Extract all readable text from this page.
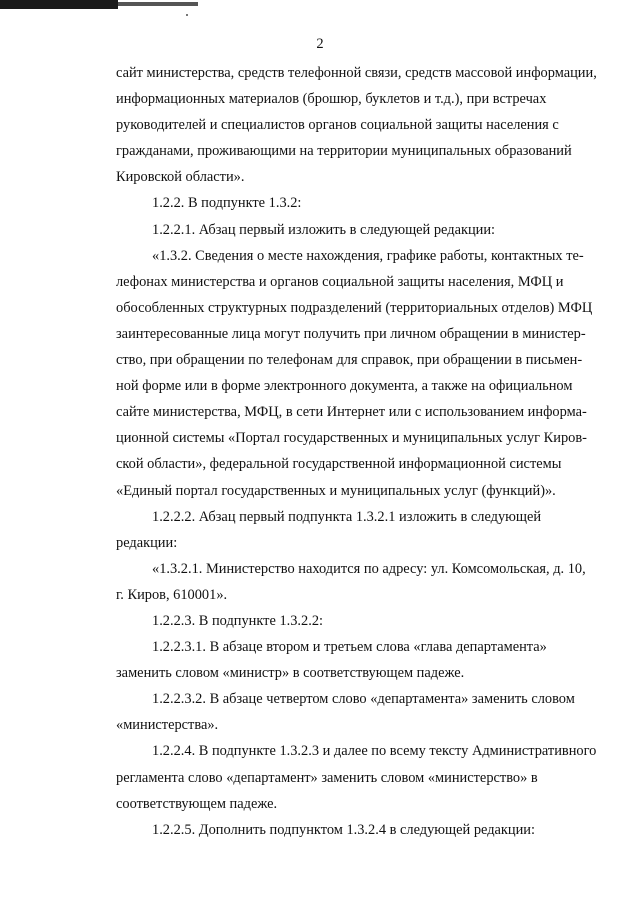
2
сайт министерства, средств телефонной связи, средств массовой информации,
информационных материалов (брошюр, буклетов и т.д.), при встречах
руководителей и специалистов органов социальной защиты населения с
гражданами, проживающими на территории муниципальных образований
Кировской области».
1.2.2. В подпункте 1.3.2:
1.2.2.1. Абзац первый изложить в следующей редакции:
«1.3.2. Сведения о месте нахождения, графике работы, контактных те-
лефонах министерства и органов социальной защиты населения, МФЦ и
обособленных структурных подразделений (территориальных отделов) МФЦ
заинтересованные лица могут получить при личном обращении в министер-
ство, при обращении по телефонам для справок, при обращении в письмен-
ной форме или в форме электронного документа, а также на официальном
сайте министерства, МФЦ, в сети Интернет или с использованием информа-
ционной системы «Портал государственных и муниципальных услуг Киров-
ской области», федеральной государственной информационной системы
«Единый портал государственных и муниципальных услуг (функций)».
1.2.2.2. Абзац первый подпункта 1.3.2.1 изложить в следующей
редакции:
«1.3.2.1. Министерство находится по адресу: ул. Комсомольская, д. 10,
г. Киров, 610001».
1.2.2.3. В подпункте 1.3.2.2:
1.2.2.3.1. В абзаце втором и третьем слова «глава департамента»
заменить словом «министр» в соответствующем падеже.
1.2.2.3.2. В абзаце четвертом слово «департамента» заменить словом
«министерства».
1.2.2.4. В подпункте 1.3.2.3 и далее по всему тексту Административного
регламента слово «департамент» заменить словом «министерство» в
соответствующем падеже.
1.2.2.5. Дополнить подпунктом 1.3.2.4 в следующей редакции:
